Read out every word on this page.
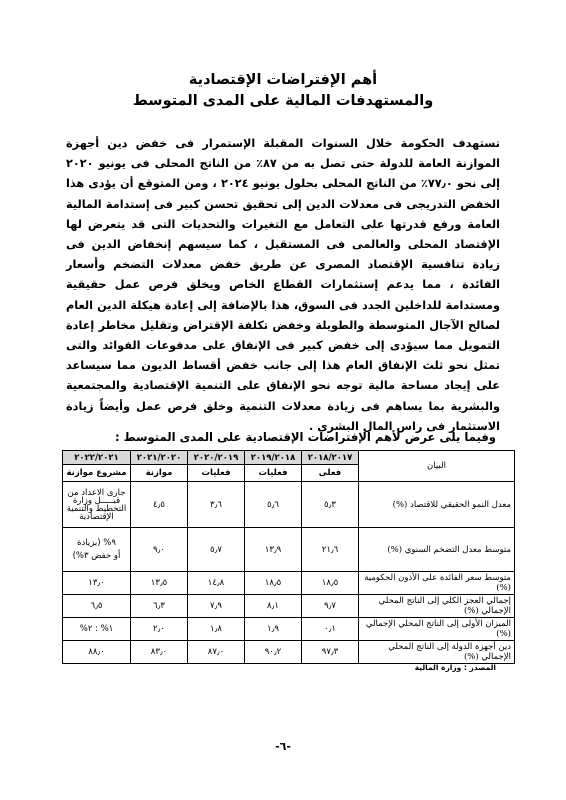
أهم الإفتراضات الإقتصادية
والمستهدفات المالية على المدى المتوسط

تستهدف الحكومة خلال السنوات المقبلة الإستمرار فى خفض دين أجهزة الموازنة العامة للدولة حتى تصل به من ٨٧٪ من الناتج المحلى فى يونيو ٢٠٢٠ إلى نحو ٧٧٫٠٪ من الناتج المحلى بحلول يونيو ٢٠٢٤ ، ومن المتوقع أن يؤدى هذا الخفض التدريجى فى معدلات الدين إلى تحقيق تحسن كبير فى إستدامة المالية العامة ورفع قدرتها على التعامل مع التغيرات والتحديات التى قد يتعرض لها الإقتصاد المحلى والعالمى فى المستقبل ، كما سيسهم إنخفاض الدين فى زيادة تنافسية الإقتصاد المصرى عن طريق خفض معدلات التضخم وأسعار الفائدة ، مما يدعم إستثمارات القطاع الخاص ويخلق فرص عمل حقيقية ومستدامة للداخلين الجدد فى السوق، هذا بالإضافة إلى إعادة هيكلة الدين العام لصالح الآجال المتوسطة والطويلة وخفض تكلفة الإقتراض وتقليل مخاطر إعادة التمويل مما سيؤدى إلى خفض كبير فى الإنفاق على مدفوعات الفوائد والتى تمثل نحو ثلث الإنفاق العام هذا إلى جانب خفض أقساط الديون مما سيساعد على إيجاد مساحة مالية توجه نحو الإنفاق على التنمية الإقتصادية والمجتمعية والبشرية بما يساهم فى زيادة معدلات التنمية وخلق فرص عمل وأيضاً زيادة الاستثمار فى راس المال البشرى .

وفيما يلى عرض لأهم الإفتراضات الإقتصادية على المدى المتوسط :
البيان	٢٠١٨/٢٠١٧	٢٠١٩/٢٠١٨	٢٠٢٠/٢٠١٩	٢٠٢١/٢٠٢٠	٢٠٢٢/٢٠٢١
	فعلى	فعليات	فعليات	موازنة	مشروع موازنة
معدل النمو الحقيقي للاقتصاد (%)	٥٫٣	٥٫٦	٣٫٦	٤٫٥	جارى الاعداد من قبـــــل وزارة التخطيط والتنمية الإقتصادية
متوسط معدل التضخم السنوي (%)	٢١٫٦	١٣٫٩	٥٫٧	٩٫٠	٩% (بزيادة
أو خفض ٣%)

متوسط سعر الفائدة على الأذون الحكومية (%)	١٨٫٥	١٨٫٥	١٤٫٨	١٣٫٥	١٣٫٠
إجمالي العجز الكلي إلى الناتج المحلي الإجمالي (%)	٩٫٧	٨٫١	٧٫٩	٦٫٣	٦٫٥
الميزان الأولى إلى الناتج المحلي الإجمالي (%)	٠٫١	١٫٩	١٫٨	٢٫٠	١% : ٢%
دين أجهزة الدولة إلى الناتج المحلي الإجمالي (%)	٩٧٫٣	٩٠٫٢	٨٧٫٠	٨٣٫٠	٨٨٫٠
المصدر : وزارة المالية
-٦-
